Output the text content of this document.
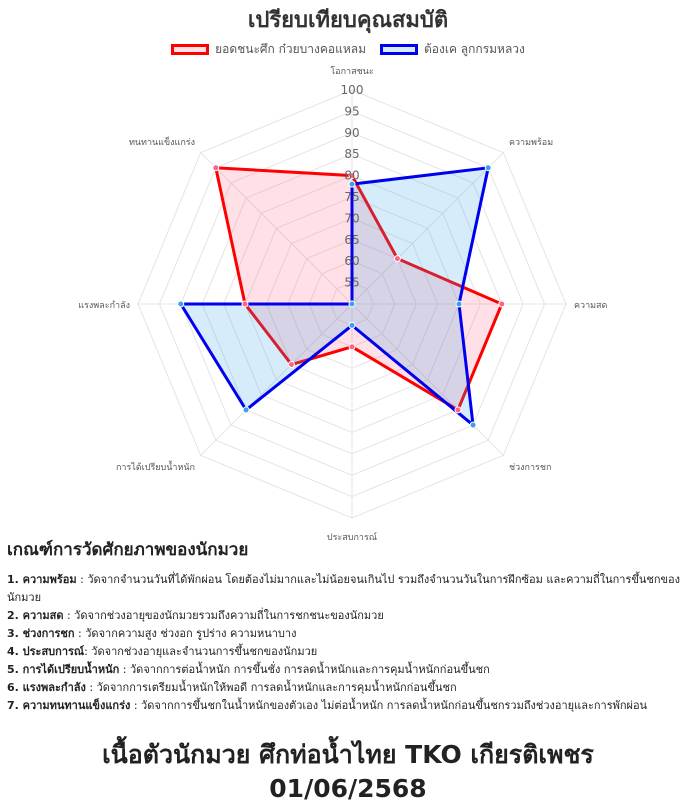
เปรียบเทียบคุณสมบัติ
ยอดชนะศึก ก๋วยบางคอแหลม	ต้องเค ลูกกรมหลวง
55
60
65
70
75
80
85
90
95
100
โอกาสชนะ
ความพร้อม
ความสด
ช่วงการชก
ประสบการณ์
การได้เปรียบน้ำหนัก
แรงพละกำลัง
ทนทานแข็งแกร่ง
เกณฑ์การวัดศักยภาพของนักมวย
1. ความพร้อม : วัดจากจำนวนวันที่ได้พักผ่อน โดยต้องไม่มากและไม่น้อยจนเกินไป รวมถึงจำนวนวันในการฝึกซ้อม และความถี่ในการขึ้นชกของนักมวย
2. ความสด : วัดจากช่วงอายุของนักมวยรวมถึงความถี่ในการชกชนะของนักมวย
3. ช่วงการชก : วัดจากความสูง ช่วงอก รูปร่าง ความหนาบาง
4. ประสบการณ์: วัดจากช่วงอายุและจำนวนการขึ้นชกของนักมวย
5. การได้เปรียบน้ำหนัก : วัดจากการต่อน้ำหนัก การขึ้นชั่ง การลดน้ำหนักและการคุมน้ำหนักก่อนขึ้นชก
6. แรงพละกำลัง : วัดจากการเตรียมน้ำหนักให้พอดี การลดน้ำหนักและการคุมน้ำหนักก่อนขึ้นชก
7. ความทนทานแข็งแกร่ง : วัดจากการขึ้นชกในน้ำหนักของตัวเอง ไม่ต่อน้ำหนัก การลดน้ำหนักก่อนขึ้นชกรวมถึงช่วงอายุและการพักผ่อน
เนื้อตัวนักมวย ศึกท่อน้ำไทย TKO เกียรติเพชร
01/06/2568
